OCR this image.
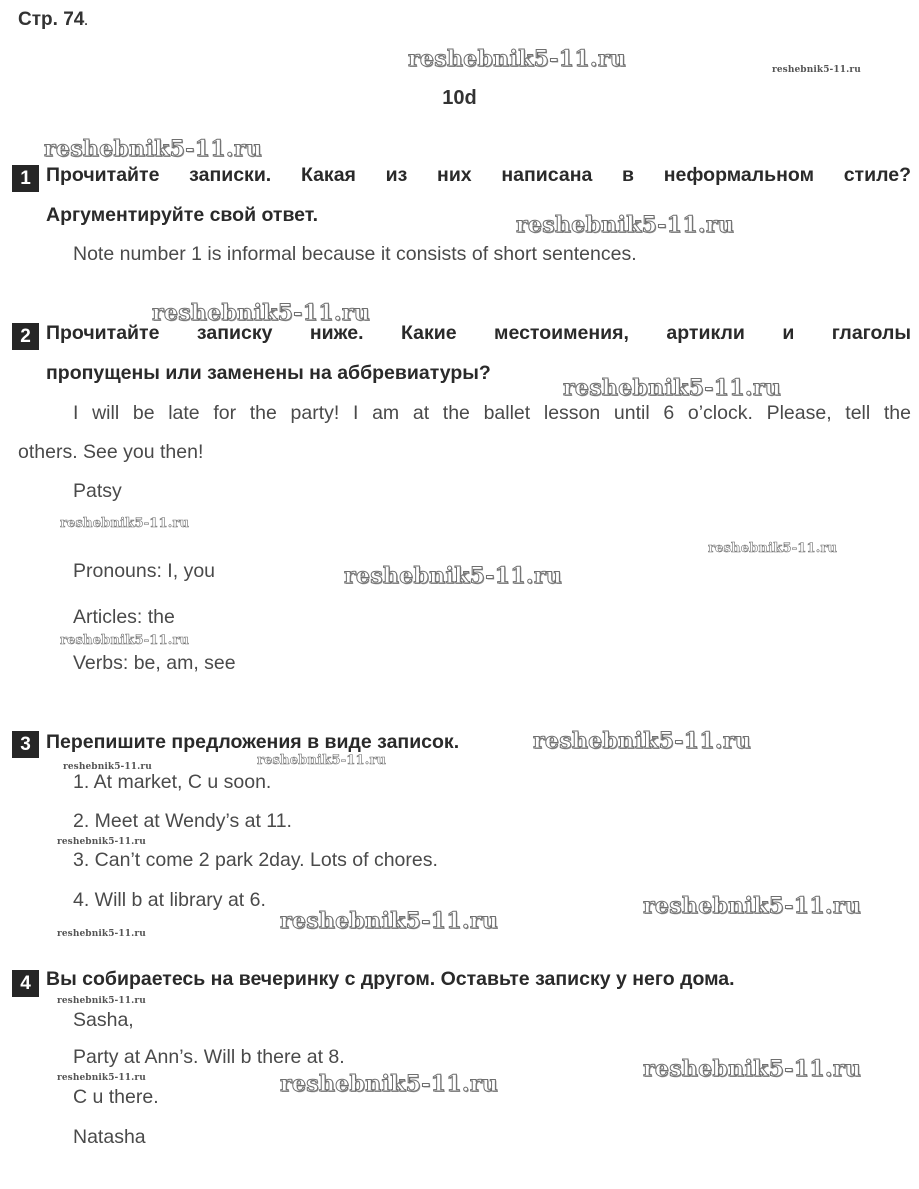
Стр. 74.
10d
reshebnik5-11.ru	reshebnik5-11.ru
reshebnik5-11.ru
reshebnik5-11.ru
reshebnik5-11.ru
reshebnik5-11.ru
reshebnik5-11.ru
reshebnik5-11.ru
reshebnik5-11.ru
reshebnik5-11.ru
reshebnik5-11.ru
reshebnik5-11.ru	reshebnik5-11.ru
reshebnik5-11.ru
reshebnik5-11.ru
reshebnik5-11.ru
reshebnik5-11.ru
reshebnik5-11.ru
reshebnik5-11.ru
reshebnik5-11.ru	reshebnik5-11.ru
1 Прочитайте записки. Какая из них написана в неформальном стиле?
Аргументируйте свой ответ.
Note number 1 is informal because it consists of short sentences.
2 Прочитайте записку ниже. Какие местоимения, артикли и глаголы
пропущены или заменены на аббревиатуры?
I will be late for the party! I am at the ballet lesson until 6 o’clock. Please, tell the
others. See you then!
Patsy
Pronouns: I, you
Articles: the
Verbs: be, am, see
3 Перепишите предложения в виде записок.
1. At market, C u soon.
2. Meet at Wendy’s at 11.
3. Can’t come 2 park 2day. Lots of chores.
4. Will b at library at 6.
4 Вы собираетесь на вечеринку с другом. Оставьте записку у него дома.
Sasha,
Party at Ann’s. Will b there at 8.
C u there.
Natasha
